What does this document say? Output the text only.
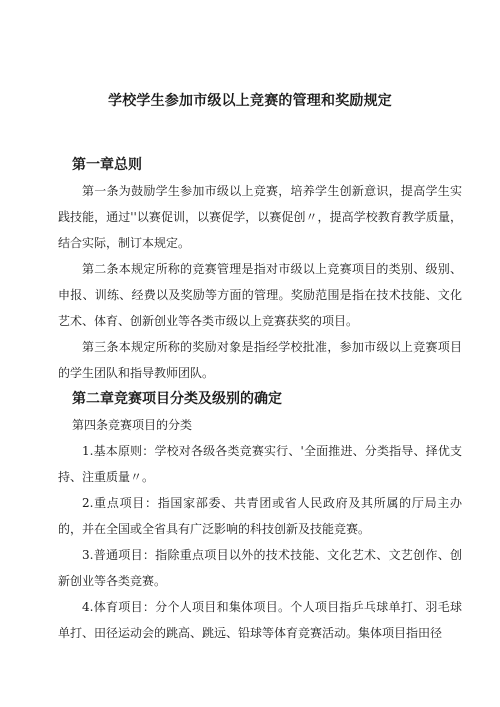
学校学生参加市级以上竞赛的管理和奖励规定
第一章总则

第一条为鼓励学生参加市级以上竞赛，培养学生创新意识，提高学生实践技能，通过''以赛促训，以赛促学，以赛促创〃，提高学校教育教学质量，结合实际，制订本规定。

第二条本规定所称的竞赛管理是指对市级以上竞赛项目的类别、级别、申报、训练、经费以及奖励等方面的管理。奖励范围是指在技术技能、文化艺术、体育、创新创业等各类市级以上竞赛获奖的项目。

第三条本规定所称的奖励对象是指经学校批准，参加市级以上竞赛项目的学生团队和指导教师团队。

第二章竞赛项目分类及级别的确定

第四条竞赛项目的分类

1.基本原则：学校对各级各类竞赛实行、'全面推进、分类指导、择优支持、注重质量〃。

2.重点项目：指国家部委、共青团或省人民政府及其所属的厅局主办的，并在全国或全省具有广泛影响的科技创新及技能竞赛。

3.普通项目：指除重点项目以外的技术技能、文化艺术、文艺创作、创新创业等各类竞赛。

4.体育项目：分个人项目和集体项目。个人项目指乒乓球单打、羽毛球单打、田径运动会的跳高、跳远、铅球等体育竞赛活动。集体项目指田径
